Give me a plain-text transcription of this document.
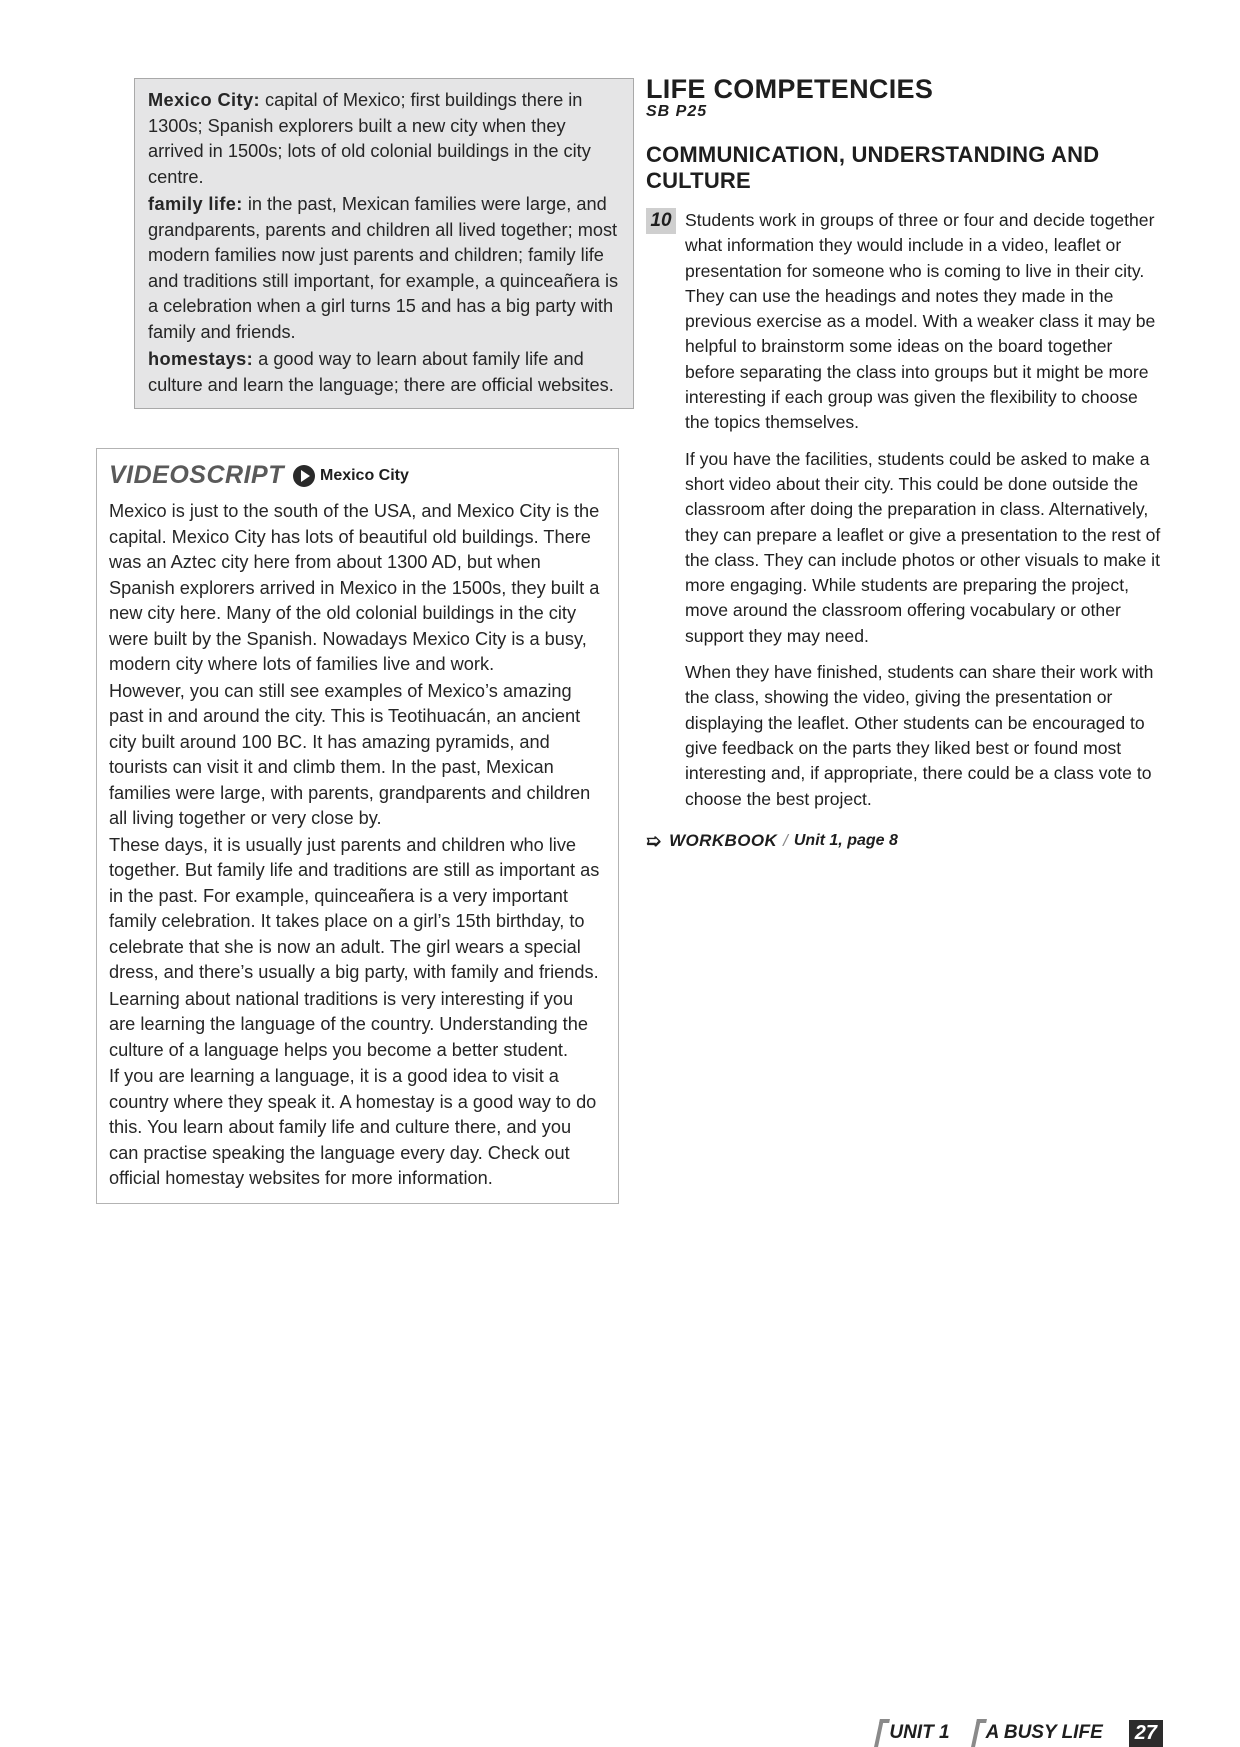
Mexico City: capital of Mexico; first buildings there in 1300s; Spanish explorers built a new city when they arrived in 1500s; lots of old colonial buildings in the city centre.

family life: in the past, Mexican families were large, and grandparents, parents and children all lived together; most modern families now just parents and children; family life and traditions still important, for example, a quinceañera is a celebration when a girl turns 15 and has a big party with family and friends.

homestays: a good way to learn about family life and culture and learn the language; there are official websites.

VIDEOSCRIPT Mexico City

Mexico is just to the south of the USA, and Mexico City is the capital. Mexico City has lots of beautiful old buildings. There was an Aztec city here from about 1300 AD, but when Spanish explorers arrived in Mexico in the 1500s, they built a new city here. Many of the old colonial buildings in the city were built by the Spanish. Nowadays Mexico City is a busy, modern city where lots of families live and work.

However, you can still see examples of Mexico’s amazing past in and around the city. This is Teotihuacán, an ancient city built around 100 BC. It has amazing pyramids, and tourists can visit it and climb them. In the past, Mexican families were large, with parents, grandparents and children all living together or very close by.

These days, it is usually just parents and children who live together. But family life and traditions are still as important as in the past. For example, quinceañera is a very important family celebration. It takes place on a girl’s 15th birthday, to celebrate that she is now an adult. The girl wears a special dress, and there’s usually a big party, with family and friends.

Learning about national traditions is very interesting if you are learning the language of the country. Understanding the culture of a language helps you become a better student.

If you are learning a language, it is a good idea to visit a country where they speak it. A homestay is a good way to do this. You learn about family life and culture there, and you can practise speaking the language every day. Check out official homestay websites for more information.

LIFE COMPETENCIES

SB P25

COMMUNICATION, UNDERSTANDING AND CULTURE
10 Students work in groups of three or four and decide together what information they would include in a video, leaflet or presentation for someone who is coming to live in their city. They can use the headings and notes they made in the previous exercise as a model. With a weaker class it may be helpful to brainstorm some ideas on the board together before separating the class into groups but it might be more interesting if each group was given the flexibility to choose the topics themselves.

If you have the facilities, students could be asked to make a short video about their city. This could be done outside the classroom after doing the preparation in class. Alternatively, they can prepare a leaflet or give a presentation to the rest of the class. They can include photos or other visuals to make it more engaging. While students are preparing the project, move around the classroom offering vocabulary or other support they may need.

When they have finished, students can share their work with the class, showing the video, giving the presentation or displaying the leaflet. Other students can be encouraged to give feedback on the parts they liked best or found most interesting and, if appropriate, there could be a class vote to choose the best project.

➯ WORKBOOK / Unit 1, page 8
UNIT 1 A BUSY LIFE	27
